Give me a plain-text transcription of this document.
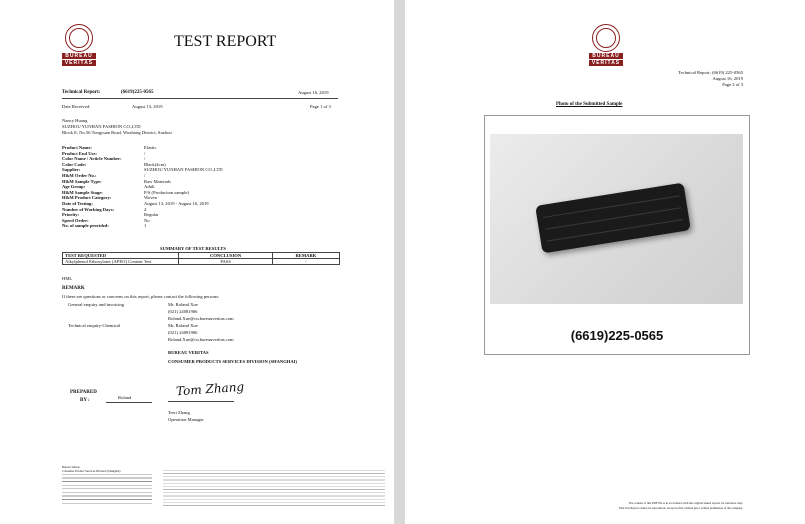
BUREAU
VERITAS
TEST REPORT
Technical Report:	(6619)225-0565	August 16, 2019
Date Received:	August 13, 2019	Page 1 of 3
Nancy Huang
SUZHOU YUNHAN FASHION CO.,LTD
Block E, No.56 Tongyuan Road, Wuzhong District, Suzhou
Product Name:	Elastic
Product End Use:	/
Color Name / Article Number:	/
Color Code:	Black(4cm)
Supplier:	SUZHOU YUNHAN FASHION CO.,LTD
H&M Order No.:	/
H&M Sample Type:	Raw Materials
Age Group:	Adult
H&M Sample Stage:	P/S (Production sample)
H&M Product Category:	Woven
Date of Testing:	August 13, 2019 - August 16, 2019
Number of Working Days:	4
Priority:	Regular
Speed Order:	No
No. of sample provided:	1
SUMMARY OF TEST RESULTS
TEST REQUESTED	CONCLUSION	REMARK
Alkylphenol Ethoxylates (APEO) Content Test	PASS	-
HML
REMARK
If there are questions or concerns on this report, please contact the following persons:
General enquiry and invoicing	Mr. Roland Xue
(021) 24081906
Roland.Xue@cn.bureauveritas.com
Technical enquiry-Chemical	Mr. Roland Xue
(021) 24081906
Roland.Xue@cn.bureauveritas.com
BUREAU VERITAS
CONSUMER PRODUCTS SERVICES DIVISION (SHANGHAI)
PREPARED
BY :
Roland	Tom Zhang
Terri Zhang
Operation Manager
Bureau Veritas
Consumer Product Services Division (Shanghai)
BUREAU
VERITAS
Technical Report: (6619) 225-0565
August 16, 2019
Page 2 of 3
Photo of the Submitted Sample
(6619)225-0565
The content of this PDF file is in accordance with the original issued reports for reference only.
This Test Report cannot be reproduced, except in full, without prior written permission of the company.
